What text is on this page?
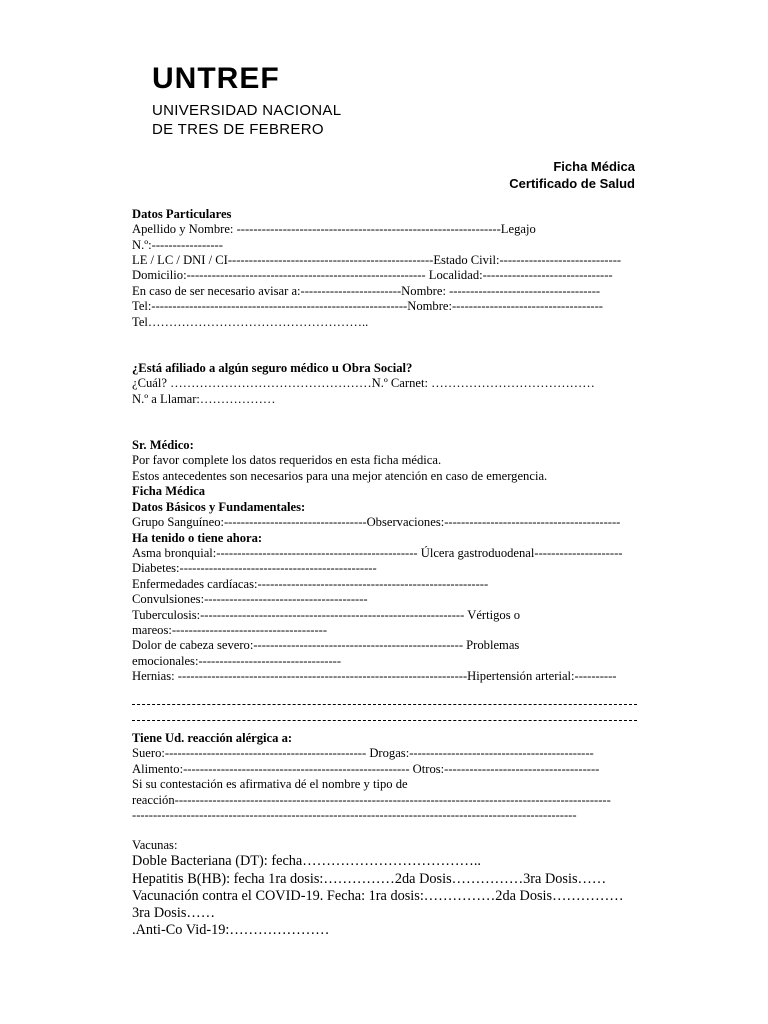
UNTREF
UNIVERSIDAD NACIONAL
DE TRES DE FEBRERO
Ficha Médica
Certificado de Salud
Datos Particulares
Apellido y Nombre: ---------------------------------------------------------------Legajo
N.º:-----------------
LE / LC / DNI / CI-------------------------------------------------Estado Civil:-----------------------------
Domicilio:--------------------------------------------------------- Localidad:-------------------------------
En caso de ser necesario avisar a:------------------------Nombre: ------------------------------------
Tel:-------------------------------------------------------------Nombre:------------------------------------
Tel……………………………………………..
¿Está afiliado a algún seguro médico u Obra Social?
¿Cuál? …………………………………………N.º Carnet: …………………………………
N.º a Llamar:………………
Sr. Médico:
Por favor complete los datos requeridos en esta ficha médica.
Estos antecedentes son necesarios para una mejor atención en caso de emergencia.
Ficha Médica
Datos Básicos y Fundamentales:
Grupo Sanguíneo:----------------------------------Observaciones:------------------------------------------
Ha tenido o tiene ahora:
Asma bronquial:------------------------------------------------ Úlcera gastroduodenal---------------------
Diabetes:-----------------------------------------------
Enfermedades cardíacas:-------------------------------------------------------
Convulsiones:---------------------------------------
Tuberculosis:--------------------------------------------------------------- Vértigos o
mareos:-------------------------------------
Dolor de cabeza severo:-------------------------------------------------- Problemas
emocionales:----------------------------------
Hernias: ---------------------------------------------------------------------Hipertensión arterial:----------
Tiene Ud. reacción alérgica a:
Suero:------------------------------------------------ Drogas:--------------------------------------------
Alimento:------------------------------------------------------ Otros:-------------------------------------
Si su contestación es afirmativa dé el nombre y tipo de
reacción--------------------------------------------------------------------------------------------------------
----------------------------------------------------------------------------------------------------------
Vacunas:
Doble Bacteriana (DT): fecha………………………………..
Hepatitis B(HB): fecha 1ra dosis:……………2da Dosis……………3ra Dosis……
Vacunación contra el COVID-19. Fecha: 1ra dosis:……………2da Dosis……………
3ra Dosis……
.Anti-Co Vid-19:…………………
